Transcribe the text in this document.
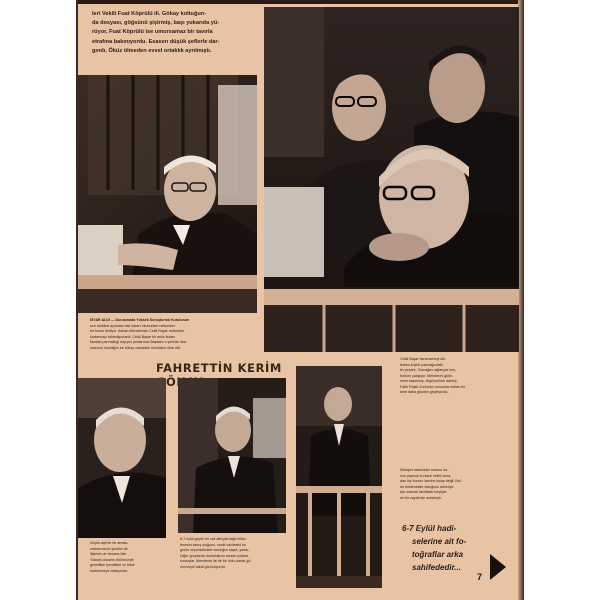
leri Vekili Fuat Köprülü ili. Gökay koltuğun-
da dosyası, göğsünü şişirmiş, başı yukarıda yü-
rüyor, Fuat Köprülü ise umursamaz bir tavırla
etrafına bakınıyordu. Esasen düşük şeflerle dar-
gındı. Öküz ölmeden evvel ortaklık ayrılmıştı.
İSYAR ALDI — Duruşmada Yüksek Soruşturma Kurulunun
son tahkikat açılması dair kararı okunurken neticeden
bir kenar dinliyor. Adnan Menderesle Celâl Bayar neticeden
kurtarmayı tahlediyorlardı. Celâl Bayar bir anlık kulanı
fazdaki parmaklığı dayıyor yanlarınca Başkanı o şekilde otur-
masının önceliğini bir sükay vasıtasile kendisine ihtar etti.
FAHRETTİN KERİM
Celâl Bayar kararnameyi din-
lerken küçük parmağındaki
bir peştek. Gomağını ağlarıyla kon-
trolüne çalışıyor. Menderes güler-
meni başarmış, düşüncelere dalmış.
Fatin Rüştü Zorlu'nun sonunda notları bir
kere daha gözden geçiriyordu.
Mihaşet vasfındaki orotoru ka-
nun yapmış bu ilave ekleti olma-
dan hiç bunun üzerine kolay değil. Bel-
dır bekleneklte olduğunu aleleriye
için edecek fakülteler keşfiyle
ne bir zayıfa ise anlamıştı.
Küçük aşil bir bir amala-
mahkemenin yinetini de
ilişkinin de tamamı bile
Yüksek duramn bölümünde
genellikle içerdikleri ve tefsir
mahkemeye bekliyordu.
8-7 eylül geçeli bir vali altılıyla bağlı bütün
teresini almış oluğunu, sanki vazifesini bu
grubu seyahatindeki sandığını saydı, yazdı,
Diğer gruplarda durduklarını avutan yollara
sınısıylar. Menderes ile de bir dolu olarak gö-
rünmüşlü fakat görünüyordu.
6-7 Eylül hadi-
selerine ait fo-
toğraflar arka
sahifededir...
7
